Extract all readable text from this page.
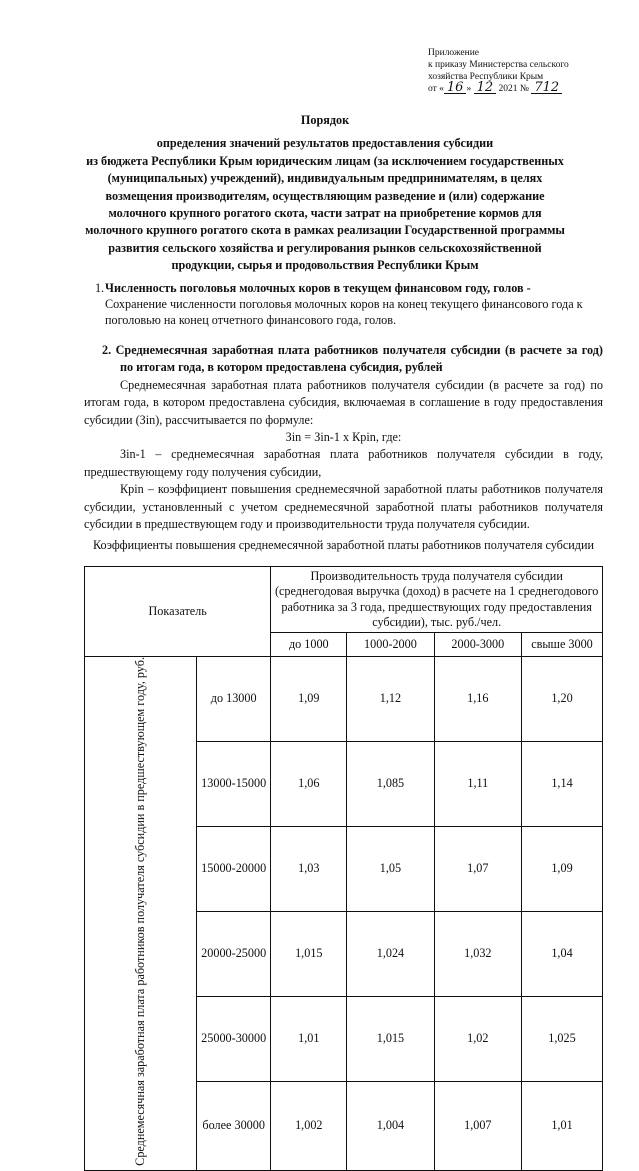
Приложение
к приказу Министерства сельского
хозяйства Республики Крым
от « 16 » 12 2021 № 712
Порядок
определения значений результатов предоставления субсидии
из бюджета Республики Крым юридическим лицам (за исключением государственных
(муниципальных) учреждений), индивидуальным предпринимателям, в целях
возмещения производителям, осуществляющим разведение и (или) содержание
молочного крупного рогатого скота, части затрат на приобретение кормов для
молочного крупного рогатого скота в рамках реализации Государственной программы
развития сельского хозяйства и регулирования рынков сельскохозяйственной
продукции, сырья и продовольствия Республики Крым
1. Численность поголовья молочных коров в текущем финансовом году, голов -
Сохранение численности поголовья молочных коров на конец текущего финансового года к поголовью на конец отчетного финансового года, голов.

2. Среднемесячная заработная плата работников получателя субсидии (в расчете за год) по итогам года, в котором предоставлена субсидия, рублей

Среднемесячная заработная плата работников получателя субсидии (в расчете за год) по итогам года, в котором предоставлена субсидия, включаемая в соглашение в году предоставления субсидии (Зin), рассчитывается по формуле:

Зin = Зin-1 x Кpin, где:

Зin-1 – среднемесячная заработная плата работников получателя субсидии в году, предшествующему году получения субсидии,

Кpin – коэффициент повышения среднемесячной заработной платы работников получателя субсидии, установленный с учетом среднемесячной заработной платы работников получателя субсидии в предшествующем году и производительности труда получателя субсидии.

Коэффициенты повышения среднемесячной заработной платы работников получателя субсидии
Показатель		Производительность труда получателя субсидии (среднегодовая выручка (доход) в расчете на 1 среднегодового работника за 3 года, предшествующих году предоставления субсидии), тыс. руб./чел.			
		до 1000	1000-2000	2000-3000	свыше 3000
Среднемесячная заработная плата работников получателя субсидии в предшествующем году, руб.	до 13000	1,09	1,12	1,16	1,20
	13000-15000	1,06	1,085	1,11	1,14
	15000-20000	1,03	1,05	1,07	1,09
	20000-25000	1,015	1,024	1,032	1,04
	25000-30000	1,01	1,015	1,02	1,025
	более 30000	1,002	1,004	1,007	1,01
